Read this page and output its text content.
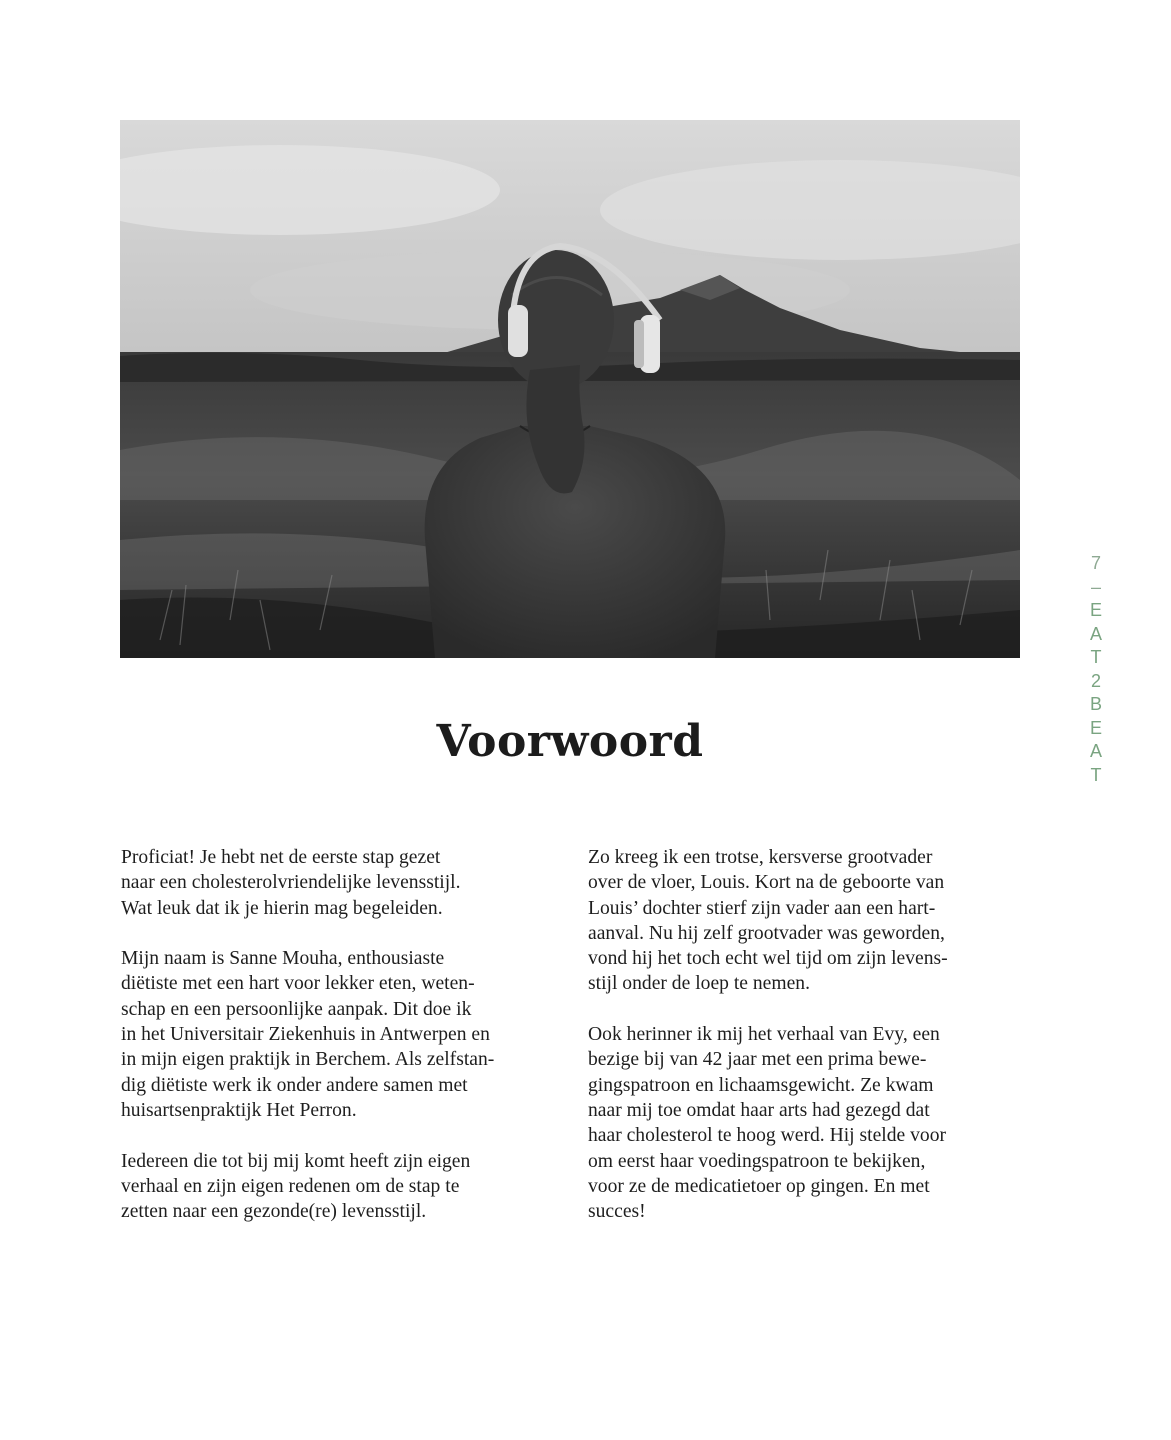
7
–
E
A
T
2
B
E
A
T
Voorwoord

Proficiat! Je hebt net de eerste stap gezet
naar een cholesterolvriendelijke levensstijl.
Wat leuk dat ik je hierin mag begeleiden.

Mijn naam is Sanne Mouha, enthousiaste
diëtiste met een hart voor lekker eten, weten-
schap en een persoonlijke aanpak. Dit doe ik
in het Universitair Ziekenhuis in Antwerpen en
in mijn eigen praktijk in Berchem. Als zelfstan-
dig diëtiste werk ik onder andere samen met
huisartsenpraktijk Het Perron.

Iedereen die tot bij mij komt heeft zijn eigen
verhaal en zijn eigen redenen om de stap te
zetten naar een gezonde(re) levensstijl.

Zo kreeg ik een trotse, kersverse grootvader
over de vloer, Louis. Kort na de geboorte van
Louis’ dochter stierf zijn vader aan een hart-
aanval. Nu hij zelf grootvader was geworden,
vond hij het toch echt wel tijd om zijn levens-
stijl onder de loep te nemen.

Ook herinner ik mij het verhaal van Evy, een
bezige bij van 42 jaar met een prima bewe-
gingspatroon en lichaamsgewicht. Ze kwam
naar mij toe omdat haar arts had gezegd dat
haar cholesterol te hoog werd. Hij stelde voor
om eerst haar voedingspatroon te bekijken,
voor ze de medicatietoer op gingen. En met
succes!
